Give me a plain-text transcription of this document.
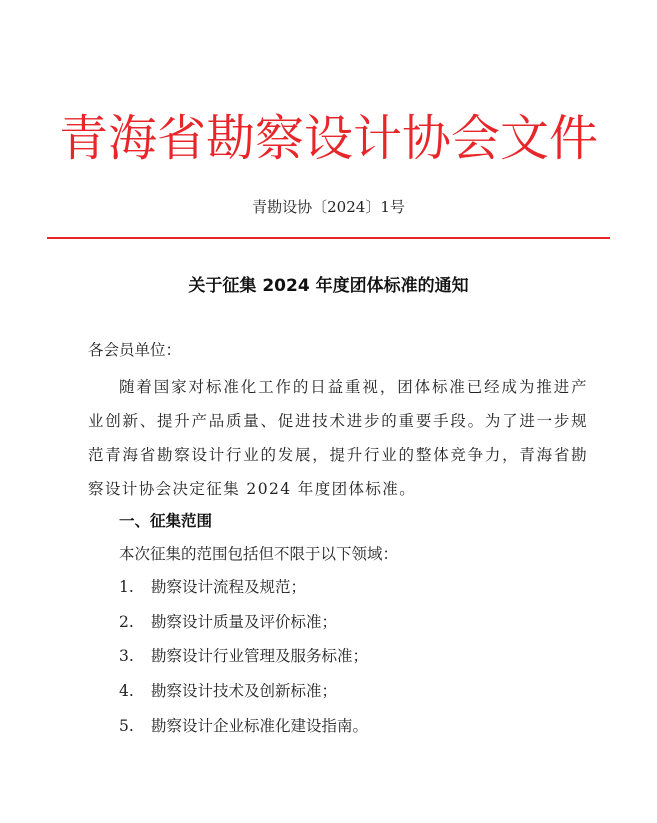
青海省勘察设计协会文件
青勘设协〔2024〕1号
关于征集 2024 年度团体标准的通知
各会员单位：
随着国家对标准化工作的日益重视，团体标准已经成为推进产业创新、提升产品质量、促进技术进步的重要手段。为了进一步规范青海省勘察设计行业的发展，提升行业的整体竞争力，青海省勘察设计协会决定征集 2024 年度团体标准。
一、征集范围
本次征集的范围包括但不限于以下领域：
1. 勘察设计流程及规范；
2. 勘察设计质量及评价标准；
3. 勘察设计行业管理及服务标准；
4. 勘察设计技术及创新标准；
5. 勘察设计企业标准化建设指南。
